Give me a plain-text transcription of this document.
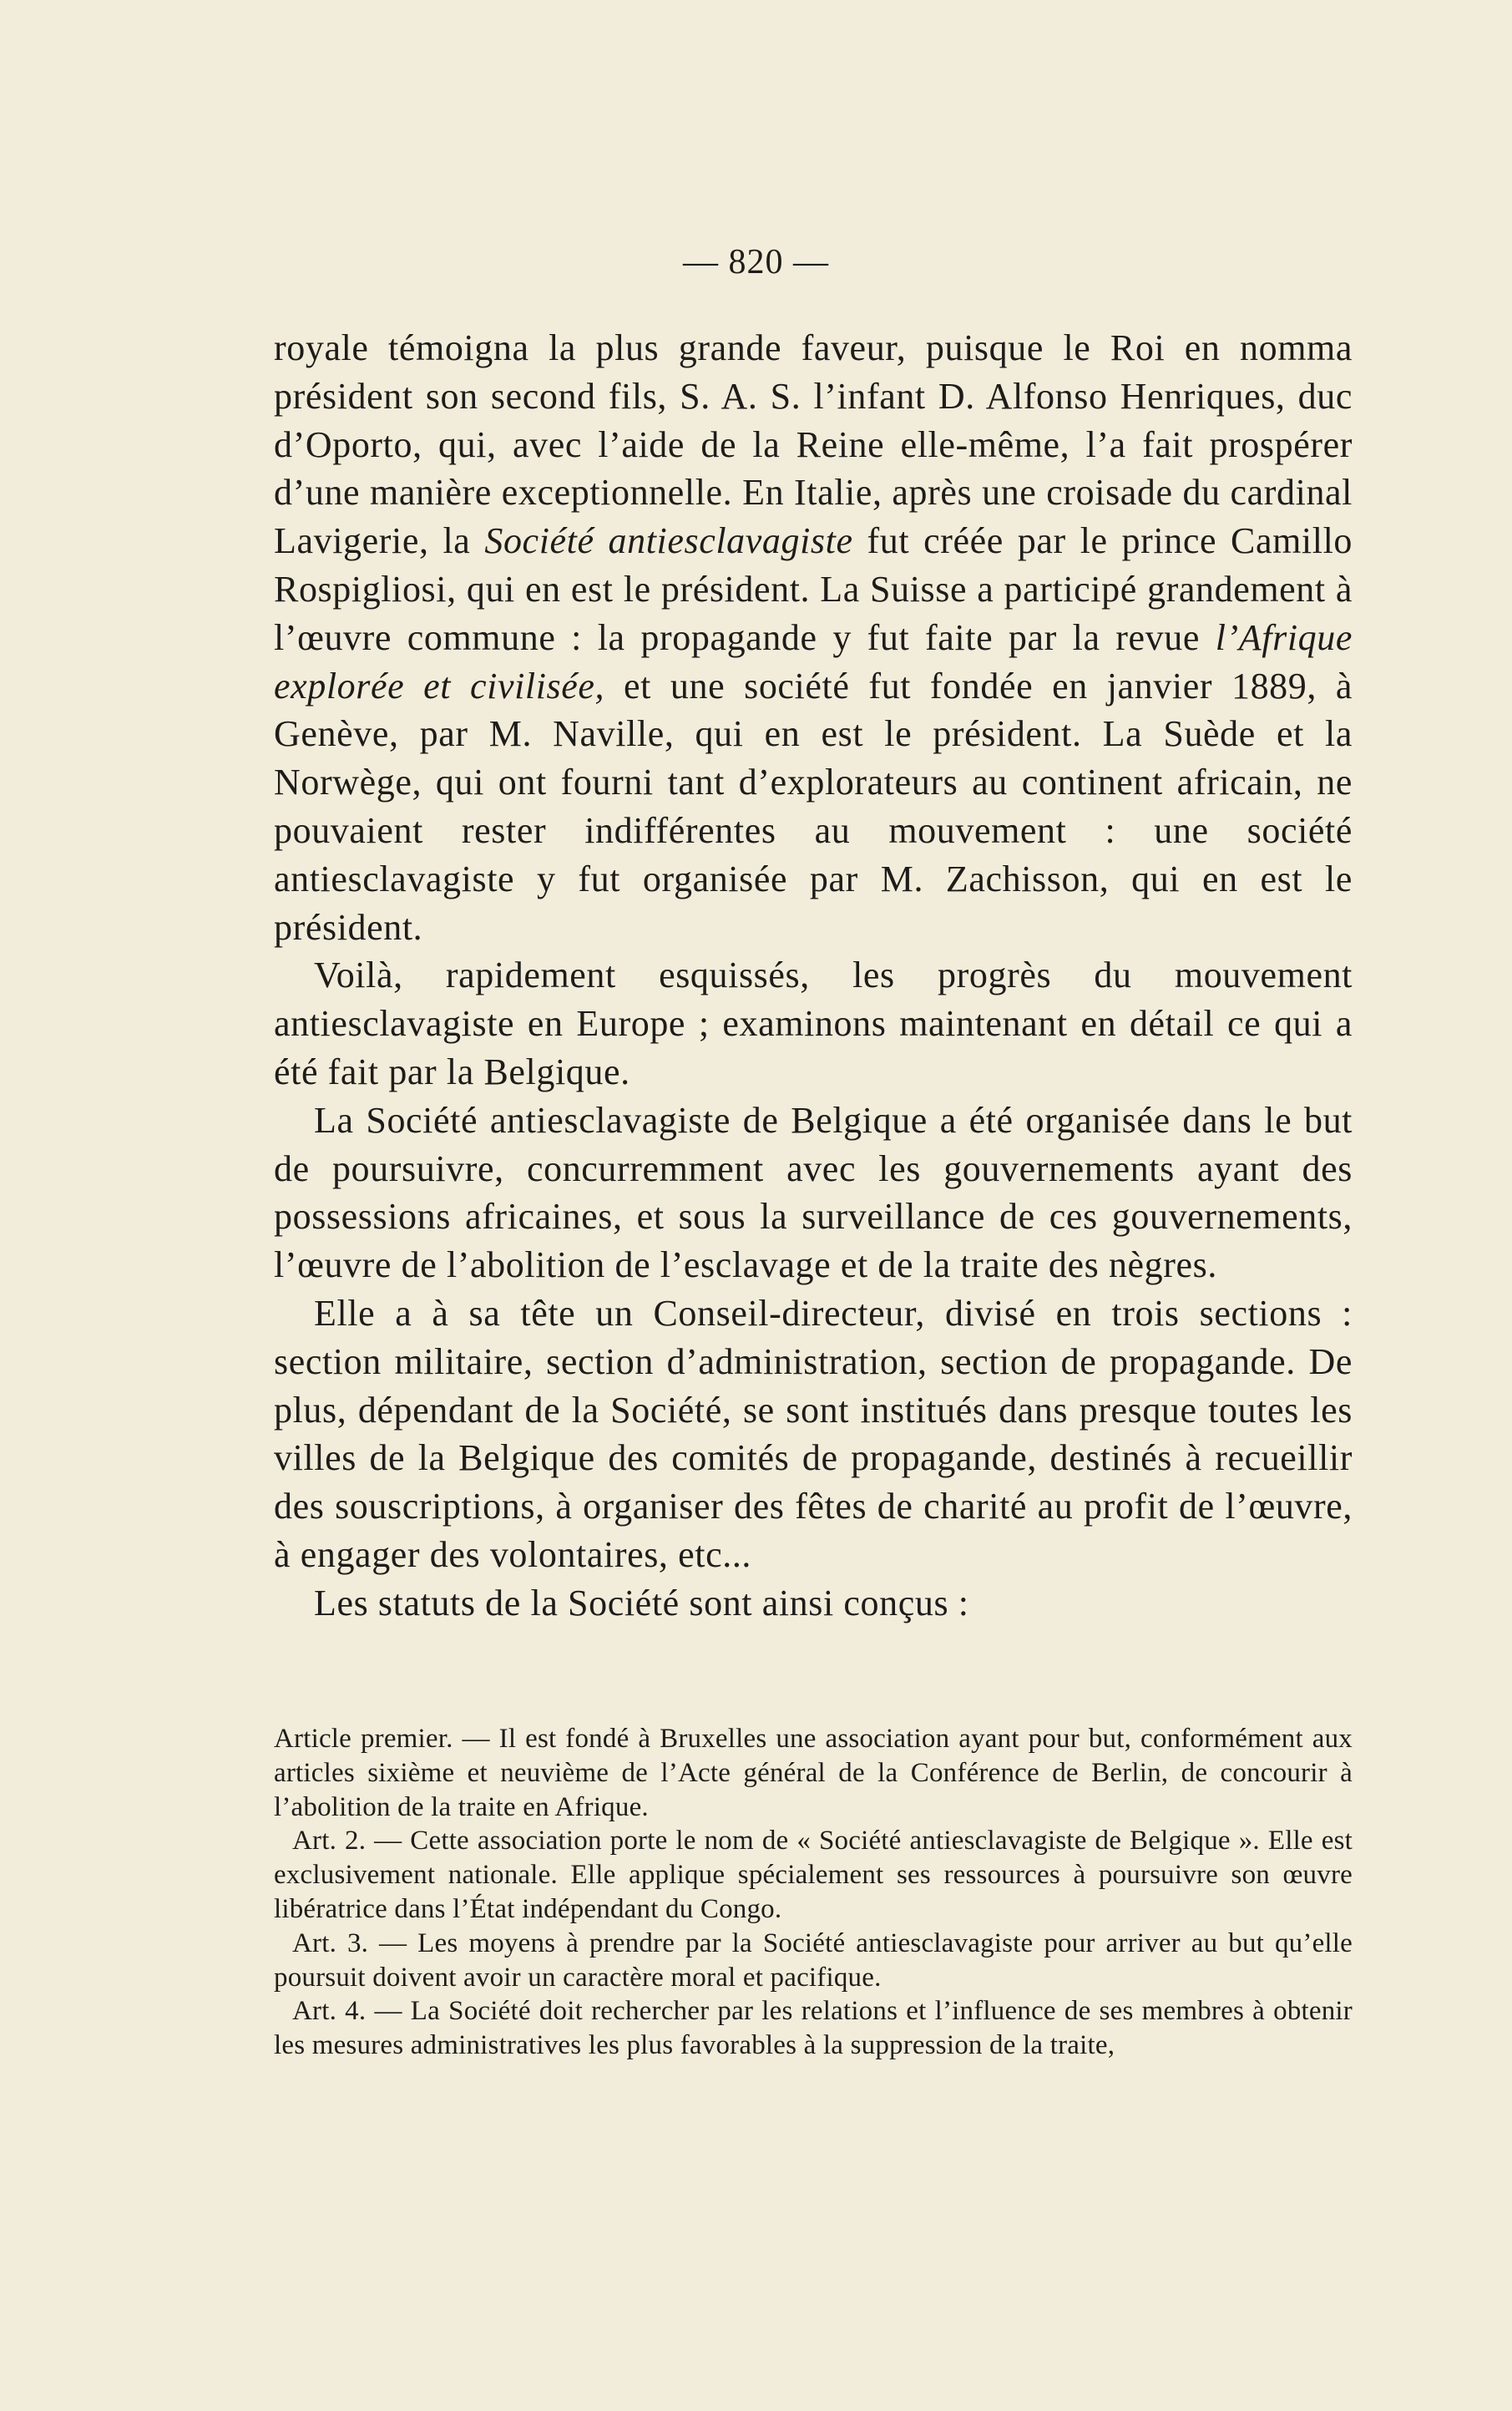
— 820 —

royale témoigna la plus grande faveur, puisque le Roi en nomma président son second fils, S. A. S. l’infant D. Alfonso Henriques, duc d’Oporto, qui, avec l’aide de la Reine elle-même, l’a fait prospérer d’une manière exceptionnelle. En Italie, après une croisade du cardinal Lavigerie, la Société antiesclavagiste fut créée par le prince Camillo Rospigliosi, qui en est le président. La Suisse a participé grandement à l’œuvre commune : la propagande y fut faite par la revue l’Afrique explorée et civilisée, et une société fut fondée en janvier 1889, à Genève, par M. Naville, qui en est le président. La Suède et la Norwège, qui ont fourni tant d’explorateurs au continent africain, ne pouvaient rester indifférentes au mouvement : une société antiesclavagiste y fut organisée par M. Zachisson, qui en est le président.

Voilà, rapidement esquissés, les progrès du mouvement antiesclavagiste en Europe ; examinons maintenant en détail ce qui a été fait par la Belgique.

La Société antiesclavagiste de Belgique a été organisée dans le but de poursuivre, concurremment avec les gouvernements ayant des possessions africaines, et sous la surveillance de ces gouvernements, l’œuvre de l’abolition de l’esclavage et de la traite des nègres.

Elle a à sa tête un Conseil-directeur, divisé en trois sections : section militaire, section d’administration, section de propagande. De plus, dépendant de la Société, se sont institués dans presque toutes les villes de la Belgique des comités de propagande, destinés à recueillir des souscriptions, à organiser des fêtes de charité au profit de l’œuvre, à engager des volontaires, etc...

Les statuts de la Société sont ainsi conçus :

Article premier. — Il est fondé à Bruxelles une association ayant pour but, conformément aux articles sixième et neuvième de l’Acte général de la Conférence de Berlin, de concourir à l’abolition de la traite en Afrique.

Art. 2. — Cette association porte le nom de « Société antiesclavagiste de Belgique ». Elle est exclusivement nationale. Elle applique spécialement ses ressources à poursuivre son œuvre libératrice dans l’État indépendant du Congo.

Art. 3. — Les moyens à prendre par la Société antiesclavagiste pour arriver au but qu’elle poursuit doivent avoir un caractère moral et pacifique.

Art. 4. — La Société doit rechercher par les relations et l’influence de ses membres à obtenir les mesures administratives les plus favorables à la suppression de la traite,
